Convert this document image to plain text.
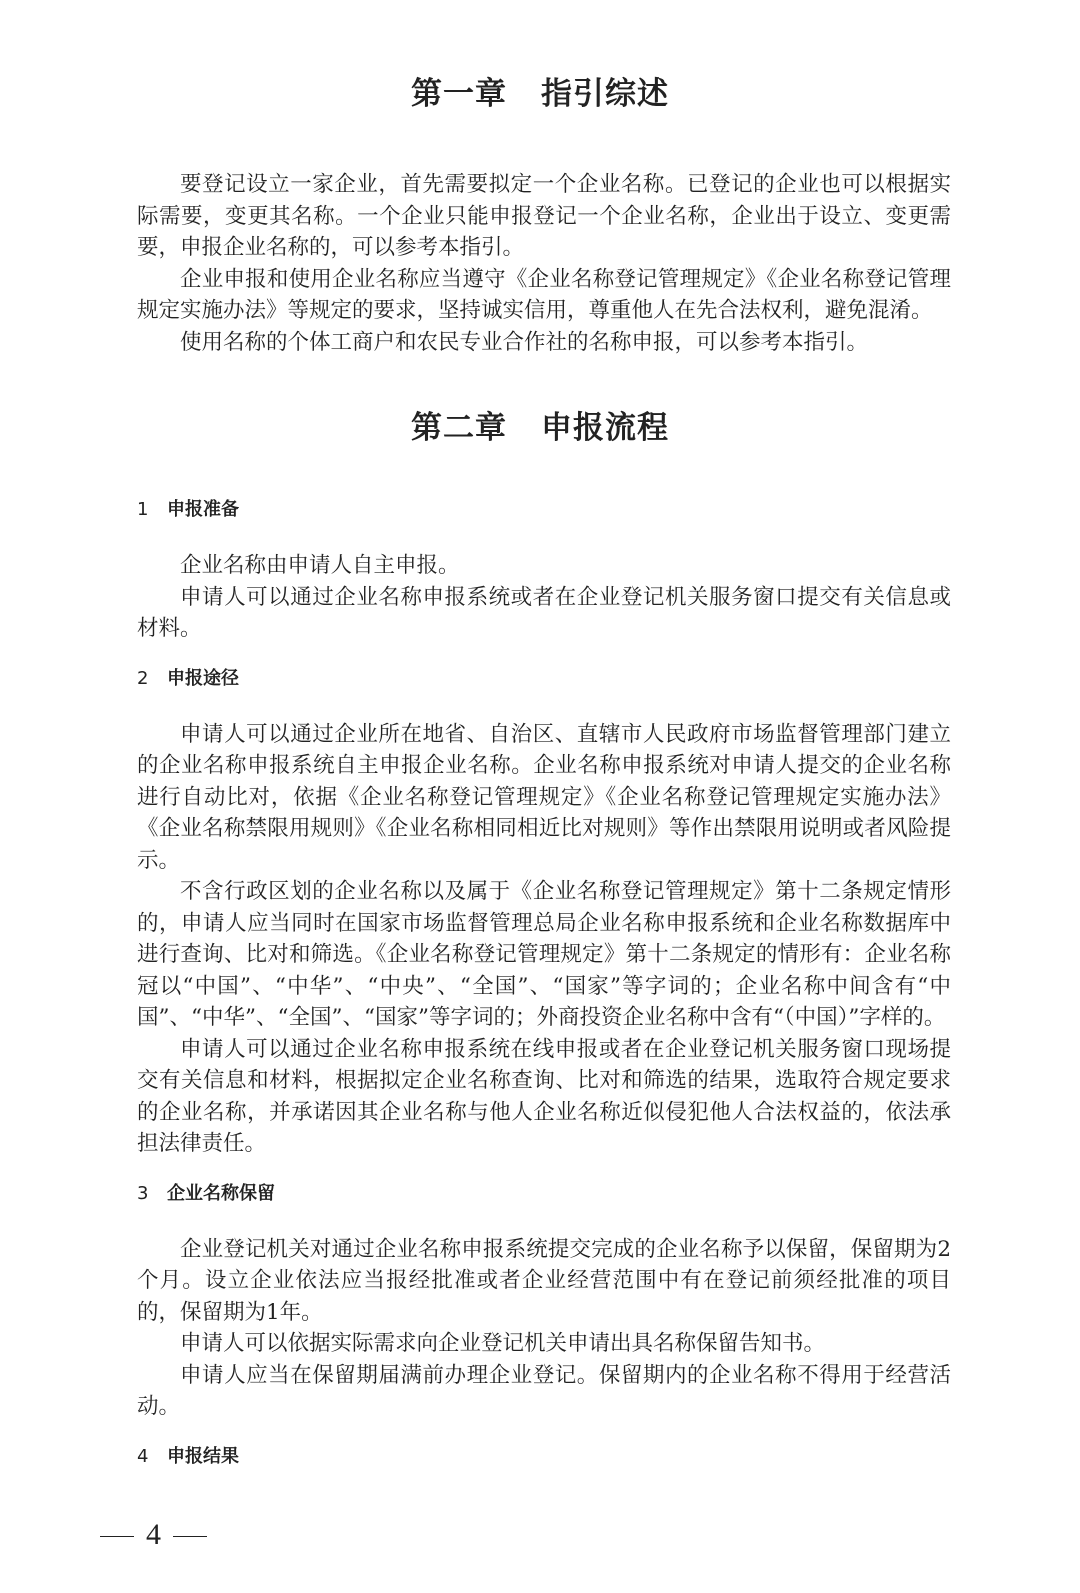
第一章 指引综述

要登记设立一家企业，首先需要拟定一个企业名称。已登记的企业也可以根据实际需要，变更其名称。一个企业只能申报登记一个企业名称，企业出于设立、变更需要，申报企业名称的，可以参考本指引。

企业申报和使用企业名称应当遵守《企业名称登记管理规定》《企业名称登记管理规定实施办法》等规定的要求，坚持诚实信用，尊重他人在先合法权利，避免混淆。

使用名称的个体工商户和农民专业合作社的名称申报，可以参考本指引。

第二章 申报流程
1 申报准备

企业名称由申请人自主申报。

申请人可以通过企业名称申报系统或者在企业登记机关服务窗口提交有关信息或材料。

2 申报途径

申请人可以通过企业所在地省、自治区、直辖市人民政府市场监督管理部门建立的企业名称申报系统自主申报企业名称。企业名称申报系统对申请人提交的企业名称进行自动比对，依据《企业名称登记管理规定》《企业名称登记管理规定实施办法》《企业名称禁限用规则》《企业名称相同相近比对规则》等作出禁限用说明或者风险提示。

不含行政区划的企业名称以及属于《企业名称登记管理规定》第十二条规定情形的，申请人应当同时在国家市场监督管理总局企业名称申报系统和企业名称数据库中进行查询、比对和筛选。《企业名称登记管理规定》第十二条规定的情形有：企业名称冠以“中国”、“中华”、“中央”、“全国”、“国家”等字词的；企业名称中间含有“中国”、“中华”、“全国”、“国家”等字词的；外商投资企业名称中含有“（中国）”字样的。

申请人可以通过企业名称申报系统在线申报或者在企业登记机关服务窗口现场提交有关信息和材料，根据拟定企业名称查询、比对和筛选的结果，选取符合规定要求的企业名称，并承诺因其企业名称与他人企业名称近似侵犯他人合法权益的，依法承担法律责任。

3 企业名称保留

企业登记机关对通过企业名称申报系统提交完成的企业名称予以保留，保留期为2个月。设立企业依法应当报经批准或者企业经营范围中有在登记前须经批准的项目的，保留期为1年。

申请人可以依据实际需求向企业登记机关申请出具名称保留告知书。

申请人应当在保留期届满前办理企业登记。保留期内的企业名称不得用于经营活动。

4 申报结果
4
